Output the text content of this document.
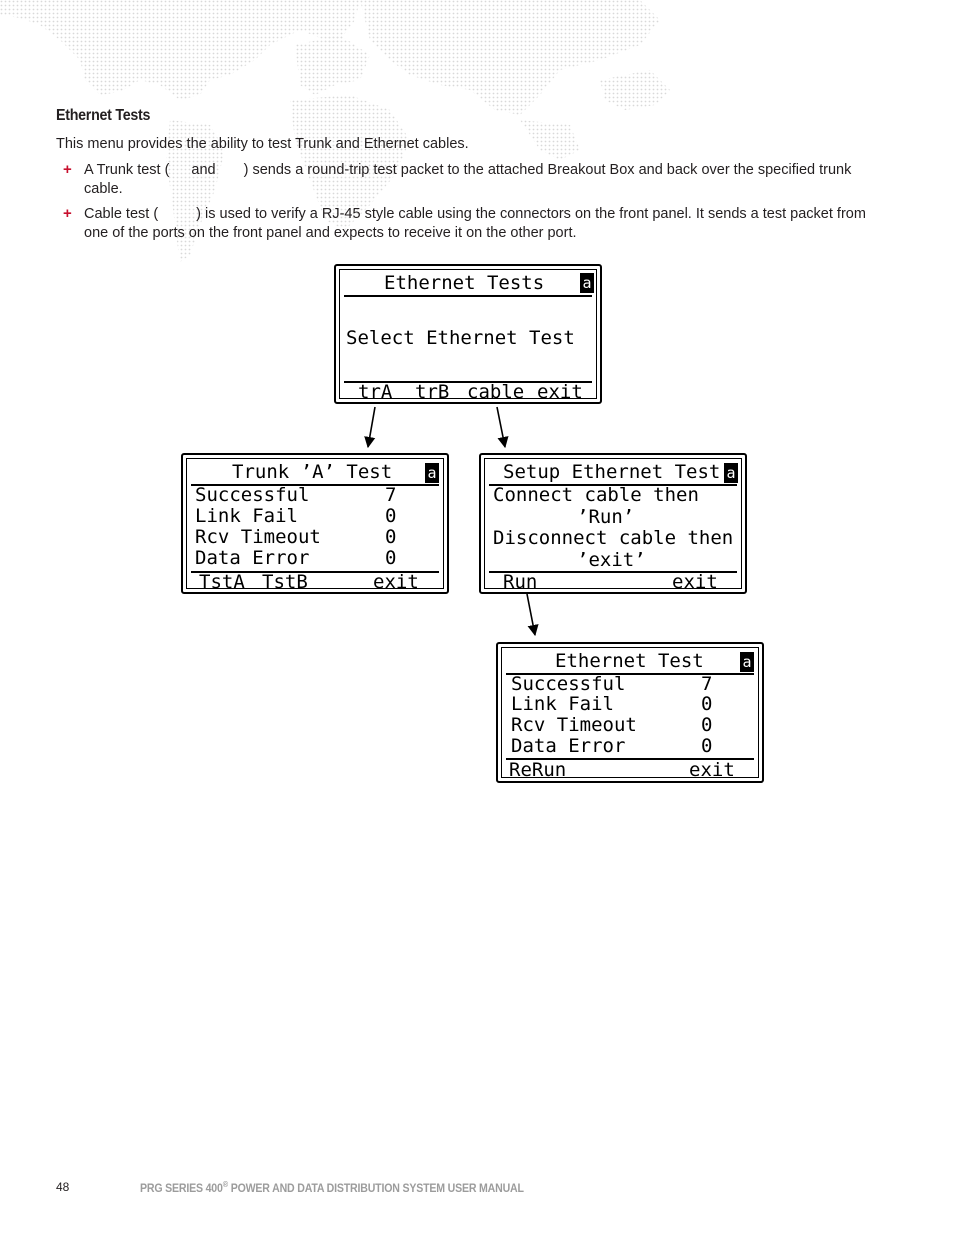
Ethernet Tests
This menu provides the ability to test Trunk and Ethernet cables.
+ A Trunk test ( and ) sends a round-trip test packet to the attached Breakout Box and back over the specified trunk cable.
+ Cable test (	) is used to verify a RJ-45 style cable using the connectors on the front panel. It sends a test packet from one of the ports on the front panel and expects to receive it on the other port.
Ethernet Tests	a
Select Ethernet Test
trA trB cable exit
Trunk ’A’ Test a
Successful	7
Link Fail	0
Rcv Timeout	0
Data Error	0
TstA TstB	exit
Setup Ethernet Test a
Connect cable then
’Run’
Disconnect cable then
’exit’
Run	exit
Ethernet Test	a
Successful	7
Link Fail	0
Rcv Timeout	0
Data Error	0
ReRun	exit
48	PRG SERIES 400® POWER AND DATA DISTRIBUTION SYSTEM USER MANUAL
